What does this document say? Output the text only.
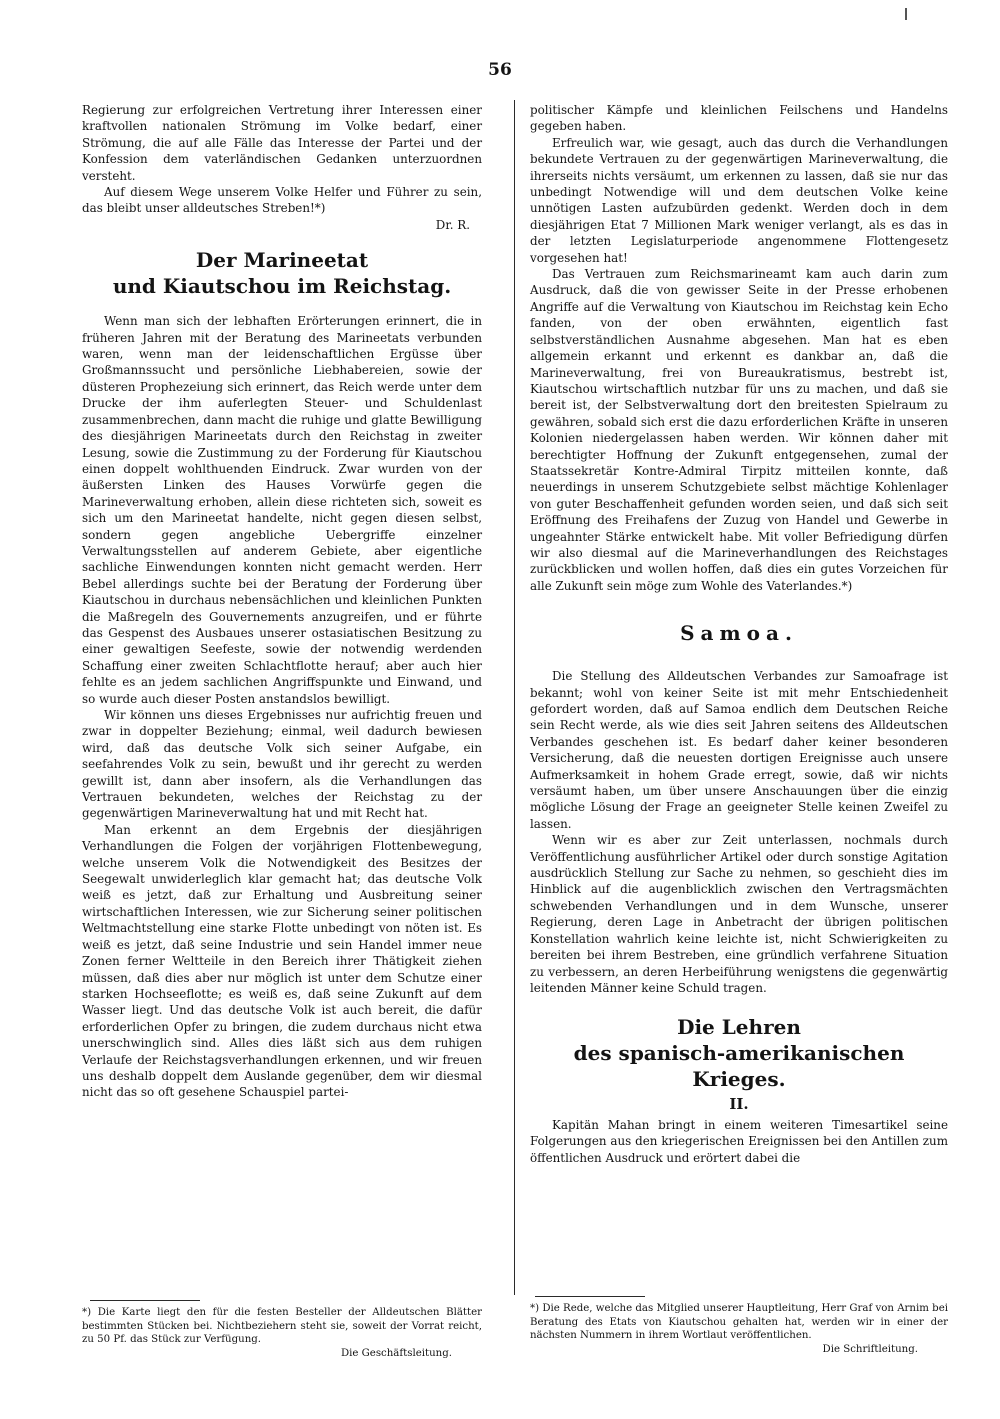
56

Regierung zur erfolgreichen Vertretung ihrer Interessen einer kraftvollen nationalen Strömung im Volke bedarf, einer Strömung, die auf alle Fälle das Interesse der Partei und der Konfession dem vaterländischen Gedanken unterzuordnen versteht.

Auf diesem Wege unserem Volke Helfer und Führer zu sein, das bleibt unser alldeutsches Streben!*)

Dr. R.
Der Marineetat
und Kiautschou im Reichstag.

Wenn man sich der lebhaften Erörterungen erinnert, die in früheren Jahren mit der Beratung des Marineetats verbunden waren, wenn man der leidenschaftlichen Ergüsse über Großmannssucht und persönliche Liebhabereien, sowie der düsteren Prophezeiung sich erinnert, das Reich werde unter dem Drucke der ihm auferlegten Steuer- und Schuldenlast zusammenbrechen, dann macht die ruhige und glatte Bewilligung des diesjährigen Marineetats durch den Reichstag in zweiter Lesung, sowie die Zustimmung zu der Forderung für Kiautschou einen doppelt wohlthuenden Eindruck. Zwar wurden von der äußersten Linken des Hauses Vorwürfe gegen die Marineverwaltung erhoben, allein diese richteten sich, soweit es sich um den Marineetat handelte, nicht gegen diesen selbst, sondern gegen angebliche Uebergriffe einzelner Verwaltungsstellen auf anderem Gebiete, aber eigentliche sachliche Einwendungen konnten nicht gemacht werden. Herr Bebel allerdings suchte bei der Beratung der Forderung über Kiautschou in durchaus nebensächlichen und kleinlichen Punkten die Maßregeln des Gouvernements anzugreifen, und er führte das Gespenst des Ausbaues unserer ostasiatischen Besitzung zu einer gewaltigen Seefeste, sowie der notwendig werdenden Schaffung einer zweiten Schlachtflotte herauf; aber auch hier fehlte es an jedem sachlichen Angriffspunkte und Einwand, und so wurde auch dieser Posten anstandslos bewilligt.

Wir können uns dieses Ergebnisses nur aufrichtig freuen und zwar in doppelter Beziehung; einmal, weil dadurch bewiesen wird, daß das deutsche Volk sich seiner Aufgabe, ein seefahrendes Volk zu sein, bewußt und ihr gerecht zu werden gewillt ist, dann aber insofern, als die Verhandlungen das Vertrauen bekundeten, welches der Reichstag zu der gegenwärtigen Marineverwaltung hat und mit Recht hat.

Man erkennt an dem Ergebnis der diesjährigen Verhandlungen die Folgen der vorjährigen Flottenbewegung, welche unserem Volk die Notwendigkeit des Besitzes der Seegewalt unwiderleglich klar gemacht hat; das deutsche Volk weiß es jetzt, daß zur Erhaltung und Ausbreitung seiner wirtschaftlichen Interessen, wie zur Sicherung seiner politischen Weltmachtstellung eine starke Flotte unbedingt von nöten ist. Es weiß es jetzt, daß seine Industrie und sein Handel immer neue Zonen ferner Weltteile in den Bereich ihrer Thätigkeit ziehen müssen, daß dies aber nur möglich ist unter dem Schutze einer starken Hochseeflotte; es weiß es, daß seine Zukunft auf dem Wasser liegt. Und das deutsche Volk ist auch bereit, die dafür erforderlichen Opfer zu bringen, die zudem durchaus nicht etwa unerschwinglich sind. Alles dies läßt sich aus dem ruhigen Verlaufe der Reichstagsverhandlungen erkennen, und wir freuen uns deshalb doppelt dem Auslande gegenüber, dem wir diesmal nicht das so oft gesehene Schauspiel partei-

*) Die Karte liegt den für die festen Besteller der Alldeutschen Blätter bestimmten Stücken bei. Nichtbeziehern steht sie, soweit der Vorrat reicht, zu 50 Pf. das Stück zur Verfügung.
Die Geschäftsleitung.

politischer Kämpfe und kleinlichen Feilschens und Handelns gegeben haben.

Erfreulich war, wie gesagt, auch das durch die Verhandlungen bekundete Vertrauen zu der gegenwärtigen Marineverwaltung, die ihrerseits nichts versäumt, um erkennen zu lassen, daß sie nur das unbedingt Notwendige will und dem deutschen Volke keine unnötigen Lasten aufzubürden gedenkt. Werden doch in dem diesjährigen Etat 7 Millionen Mark weniger verlangt, als es das in der letzten Legislaturperiode angenommene Flottengesetz vorgesehen hat!

Das Vertrauen zum Reichsmarineamt kam auch darin zum Ausdruck, daß die von gewisser Seite in der Presse erhobenen Angriffe auf die Verwaltung von Kiautschou im Reichstag kein Echo fanden, von der oben erwähnten, eigentlich fast selbstverständlichen Ausnahme abgesehen. Man hat es eben allgemein erkannt und erkennt es dankbar an, daß die Marineverwaltung, frei von Bureaukratismus, bestrebt ist, Kiautschou wirtschaftlich nutzbar für uns zu machen, und daß sie bereit ist, der Selbstverwaltung dort den breitesten Spielraum zu gewähren, sobald sich erst die dazu erforderlichen Kräfte in unseren Kolonien niedergelassen haben werden. Wir können daher mit berechtigter Hoffnung der Zukunft entgegensehen, zumal der Staatssekretär Kontre-Admiral Tirpitz mitteilen konnte, daß neuerdings in unserem Schutzgebiete selbst mächtige Kohlenlager von guter Beschaffenheit gefunden worden seien, und daß sich seit Eröffnung des Freihafens der Zuzug von Handel und Gewerbe in ungeahnter Stärke entwickelt habe. Mit voller Befriedigung dürfen wir also diesmal auf die Marineverhandlungen des Reichstages zurückblicken und wollen hoffen, daß dies ein gutes Vorzeichen für alle Zukunft sein möge zum Wohle des Vaterlandes.*)

Samoa.

Die Stellung des Alldeutschen Verbandes zur Samoafrage ist bekannt; wohl von keiner Seite ist mit mehr Entschiedenheit gefordert worden, daß auf Samoa endlich dem Deutschen Reiche sein Recht werde, als wie dies seit Jahren seitens des Alldeutschen Verbandes geschehen ist. Es bedarf daher keiner besonderen Versicherung, daß die neuesten dortigen Ereignisse auch unsere Aufmerksamkeit in hohem Grade erregt, sowie, daß wir nichts versäumt haben, um über unsere Anschauungen über die einzig mögliche Lösung der Frage an geeigneter Stelle keinen Zweifel zu lassen.

Wenn wir es aber zur Zeit unterlassen, nochmals durch Veröffentlichung ausführlicher Artikel oder durch sonstige Agitation ausdrücklich Stellung zur Sache zu nehmen, so geschieht dies im Hinblick auf die augenblicklich zwischen den Vertragsmächten schwebenden Verhandlungen und in dem Wunsche, unserer Regierung, deren Lage in Anbetracht der übrigen politischen Konstellation wahrlich keine leichte ist, nicht Schwierigkeiten zu bereiten bei ihrem Bestreben, eine gründlich verfahrene Situation zu verbessern, an deren Herbeiführung wenigstens die gegenwärtig leitenden Männer keine Schuld tragen.

Die Lehren
des spanisch-amerikanischen Krieges.
II.

Kapitän Mahan bringt in einem weiteren Timesartikel seine Folgerungen aus den kriegerischen Ereignissen bei den Antillen zum öffentlichen Ausdruck und erörtert dabei die

*) Die Rede, welche das Mitglied unserer Hauptleitung, Herr Graf von Arnim bei Beratung des Etats von Kiautschou gehalten hat, werden wir in einer der nächsten Nummern in ihrem Wortlaut veröffentlichen.
Die Schriftleitung.
